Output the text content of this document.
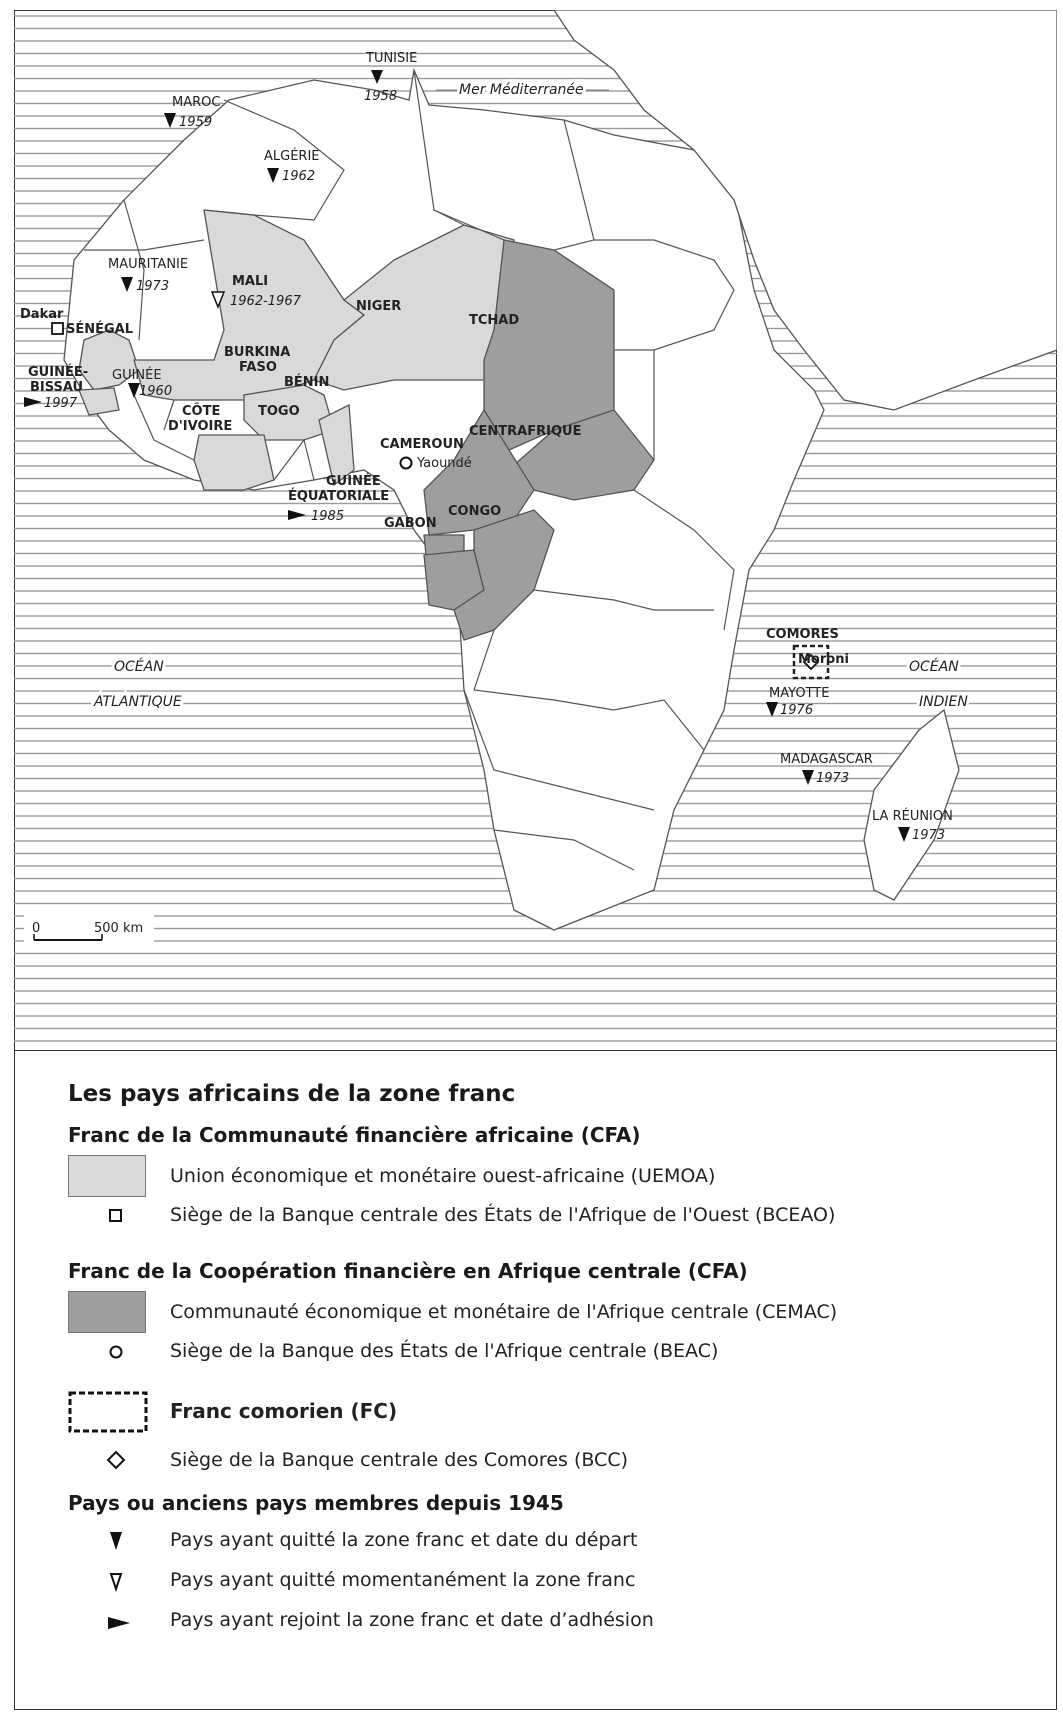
Mer Méditerranée
OCÉAN
ATLANTIQUE
OCÉAN
INDIEN
TUNISIE
1958
MAROC
1959
ALGÉRIE
1962
MAURITANIE
1973	MALI
1962-1967	NIGER
TCHAD
Dakar
SÉNÉGAL
GUINÉE-
BISSAU
1997
GUINÉE
1960
BURKINA
FASO
BÉNIN
TOGO
CÔTE
D'IVOIRE
CAMEROUN
Yaoundé
CENTRAFRIQUE
GUINÉE
ÉQUATORIALE
1985	GABON
CONGO
COMORES
Moroni
MAYOTTE
1976
MADAGASCAR
1973
LA RÉUNION
1973
0	500 km
Les pays africains de la zone franc
Franc de la Communauté financière africaine (CFA)
Union économique et monétaire ouest-africaine (UEMOA)
Siège de la Banque centrale des États de l'Afrique de l'Ouest (BCEAO)
Franc de la Coopération financière en Afrique centrale (CFA)
Communauté économique et monétaire de l'Afrique centrale (CEMAC)
Siège de la Banque des États de l'Afrique centrale (BEAC)
Franc comorien (FC)
Siège de la Banque centrale des Comores (BCC)
Pays ou anciens pays membres depuis 1945
Pays ayant quitté la zone franc et date du départ
Pays ayant quitté momentanément la zone franc
Pays ayant rejoint la zone franc et date d’adhésion
